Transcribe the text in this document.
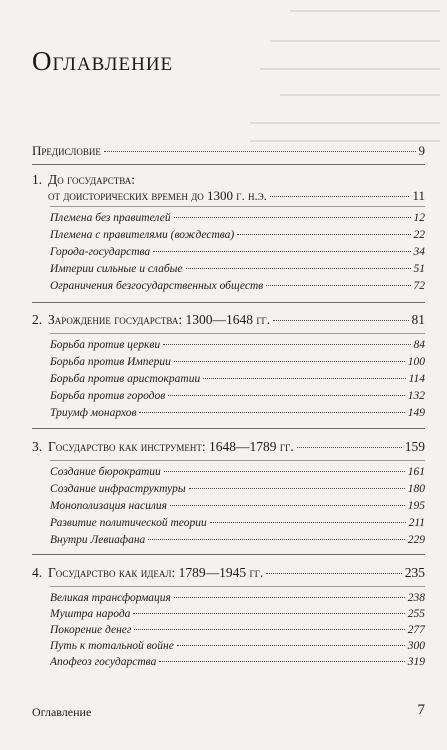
Оглавление
Предисловие	9
1. До государства:
от доисторических времен до 1300 г. н.э.	11
Племена без правителей	12
Племена с правителями (вождества)	22
Города-государства	34
Империи сильные и слабые	51
Ограничения безгосударственных обществ	72
2. Зарождение государства: 1300—1648 гг.	81
Борьба против церкви	84
Борьба против Империи	100
Борьба против аристократии	114
Борьба против городов	132
Триумф монархов	149
3. Государство как инструмент: 1648—1789 гг.	159
Создание бюрократии	161
Создание инфраструктуры	180
Монополизация насилия	195
Развитие политической теории	211
Внутри Левиафана	229
4. Государство как идеал: 1789—1945 гг.	235
Великая трансформация	238
Муштра народа	255
Покорение денег	277
Путь к тотальной войне	300
Апофеоз государства	319
Оглавление	7
